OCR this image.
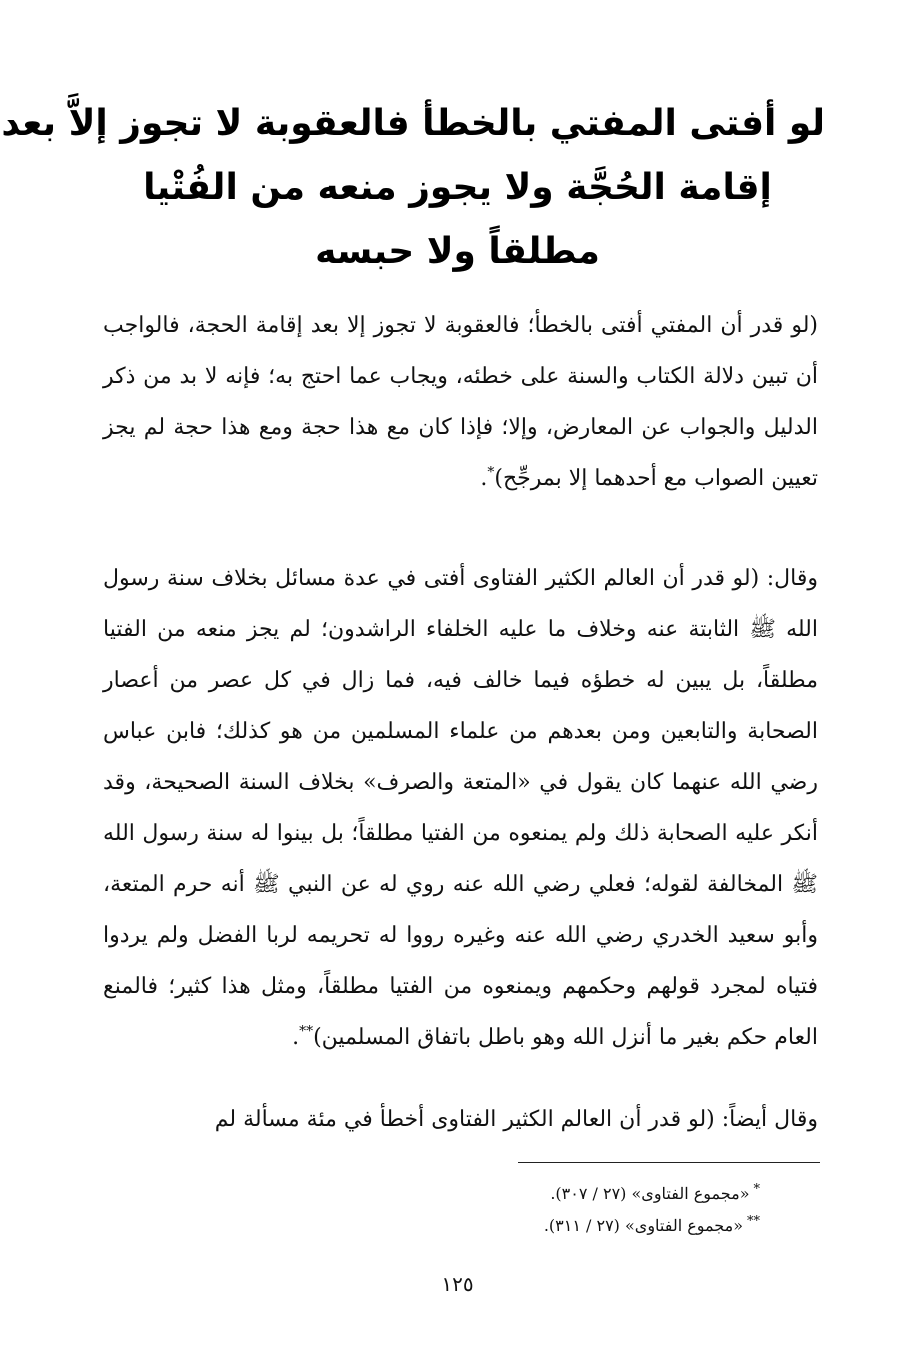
لو أفتى المفتي بالخطأ فالعقوبة لا تجوز إلاَّ بعد
إقامة الحُجَّة ولا يجوز منعه من الفُتْيا
مطلقاً ولا حبسه

(لو قدر أن المفتي أفتى بالخطأ؛ فالعقوبة لا تجوز إلا بعد إقامة الحجة، فالواجب أن تبين دلالة الكتاب والسنة على خطئه، ويجاب عما احتج به؛ فإنه لا بد من ذكر الدليل والجواب عن المعارض، وإلا؛ فإذا كان مع هذا حجة ومع هذا حجة لم يجز تعيين الصواب مع أحدهما إلا بمرجِّح)*.

وقال: (لو قدر أن العالم الكثير الفتاوى أفتى في عدة مسائل بخلاف سنة رسول الله ﷺ الثابتة عنه وخلاف ما عليه الخلفاء الراشدون؛ لم يجز منعه من الفتيا مطلقاً، بل يبين له خطؤه فيما خالف فيه، فما زال في كل عصر من أعصار الصحابة والتابعين ومن بعدهم من علماء المسلمين من هو كذلك؛ فابن عباس رضي الله عنهما كان يقول في «المتعة والصرف» بخلاف السنة الصحيحة، وقد أنكر عليه الصحابة ذلك ولم يمنعوه من الفتيا مطلقاً؛ بل بينوا له سنة رسول الله ﷺ المخالفة لقوله؛ فعلي رضي الله عنه روي له عن النبي ﷺ أنه حرم المتعة، وأبو سعيد الخدري رضي الله عنه وغيره رووا له تحريمه لربا الفضل ولم يردوا فتياه لمجرد قولهم وحكمهم ويمنعوه من الفتيا مطلقاً، ومثل هذا كثير؛ فالمنع العام حكم بغير ما أنزل الله وهو باطل باتفاق المسلمين)**.

وقال أيضاً: (لو قدر أن العالم الكثير الفتاوى أخطأ في مئة مسألة لم

*«مجموع الفتاوى» (٢٧ / ٣٠٧).
**«مجموع الفتاوى» (٢٧ / ٣١١).
١٢٥
